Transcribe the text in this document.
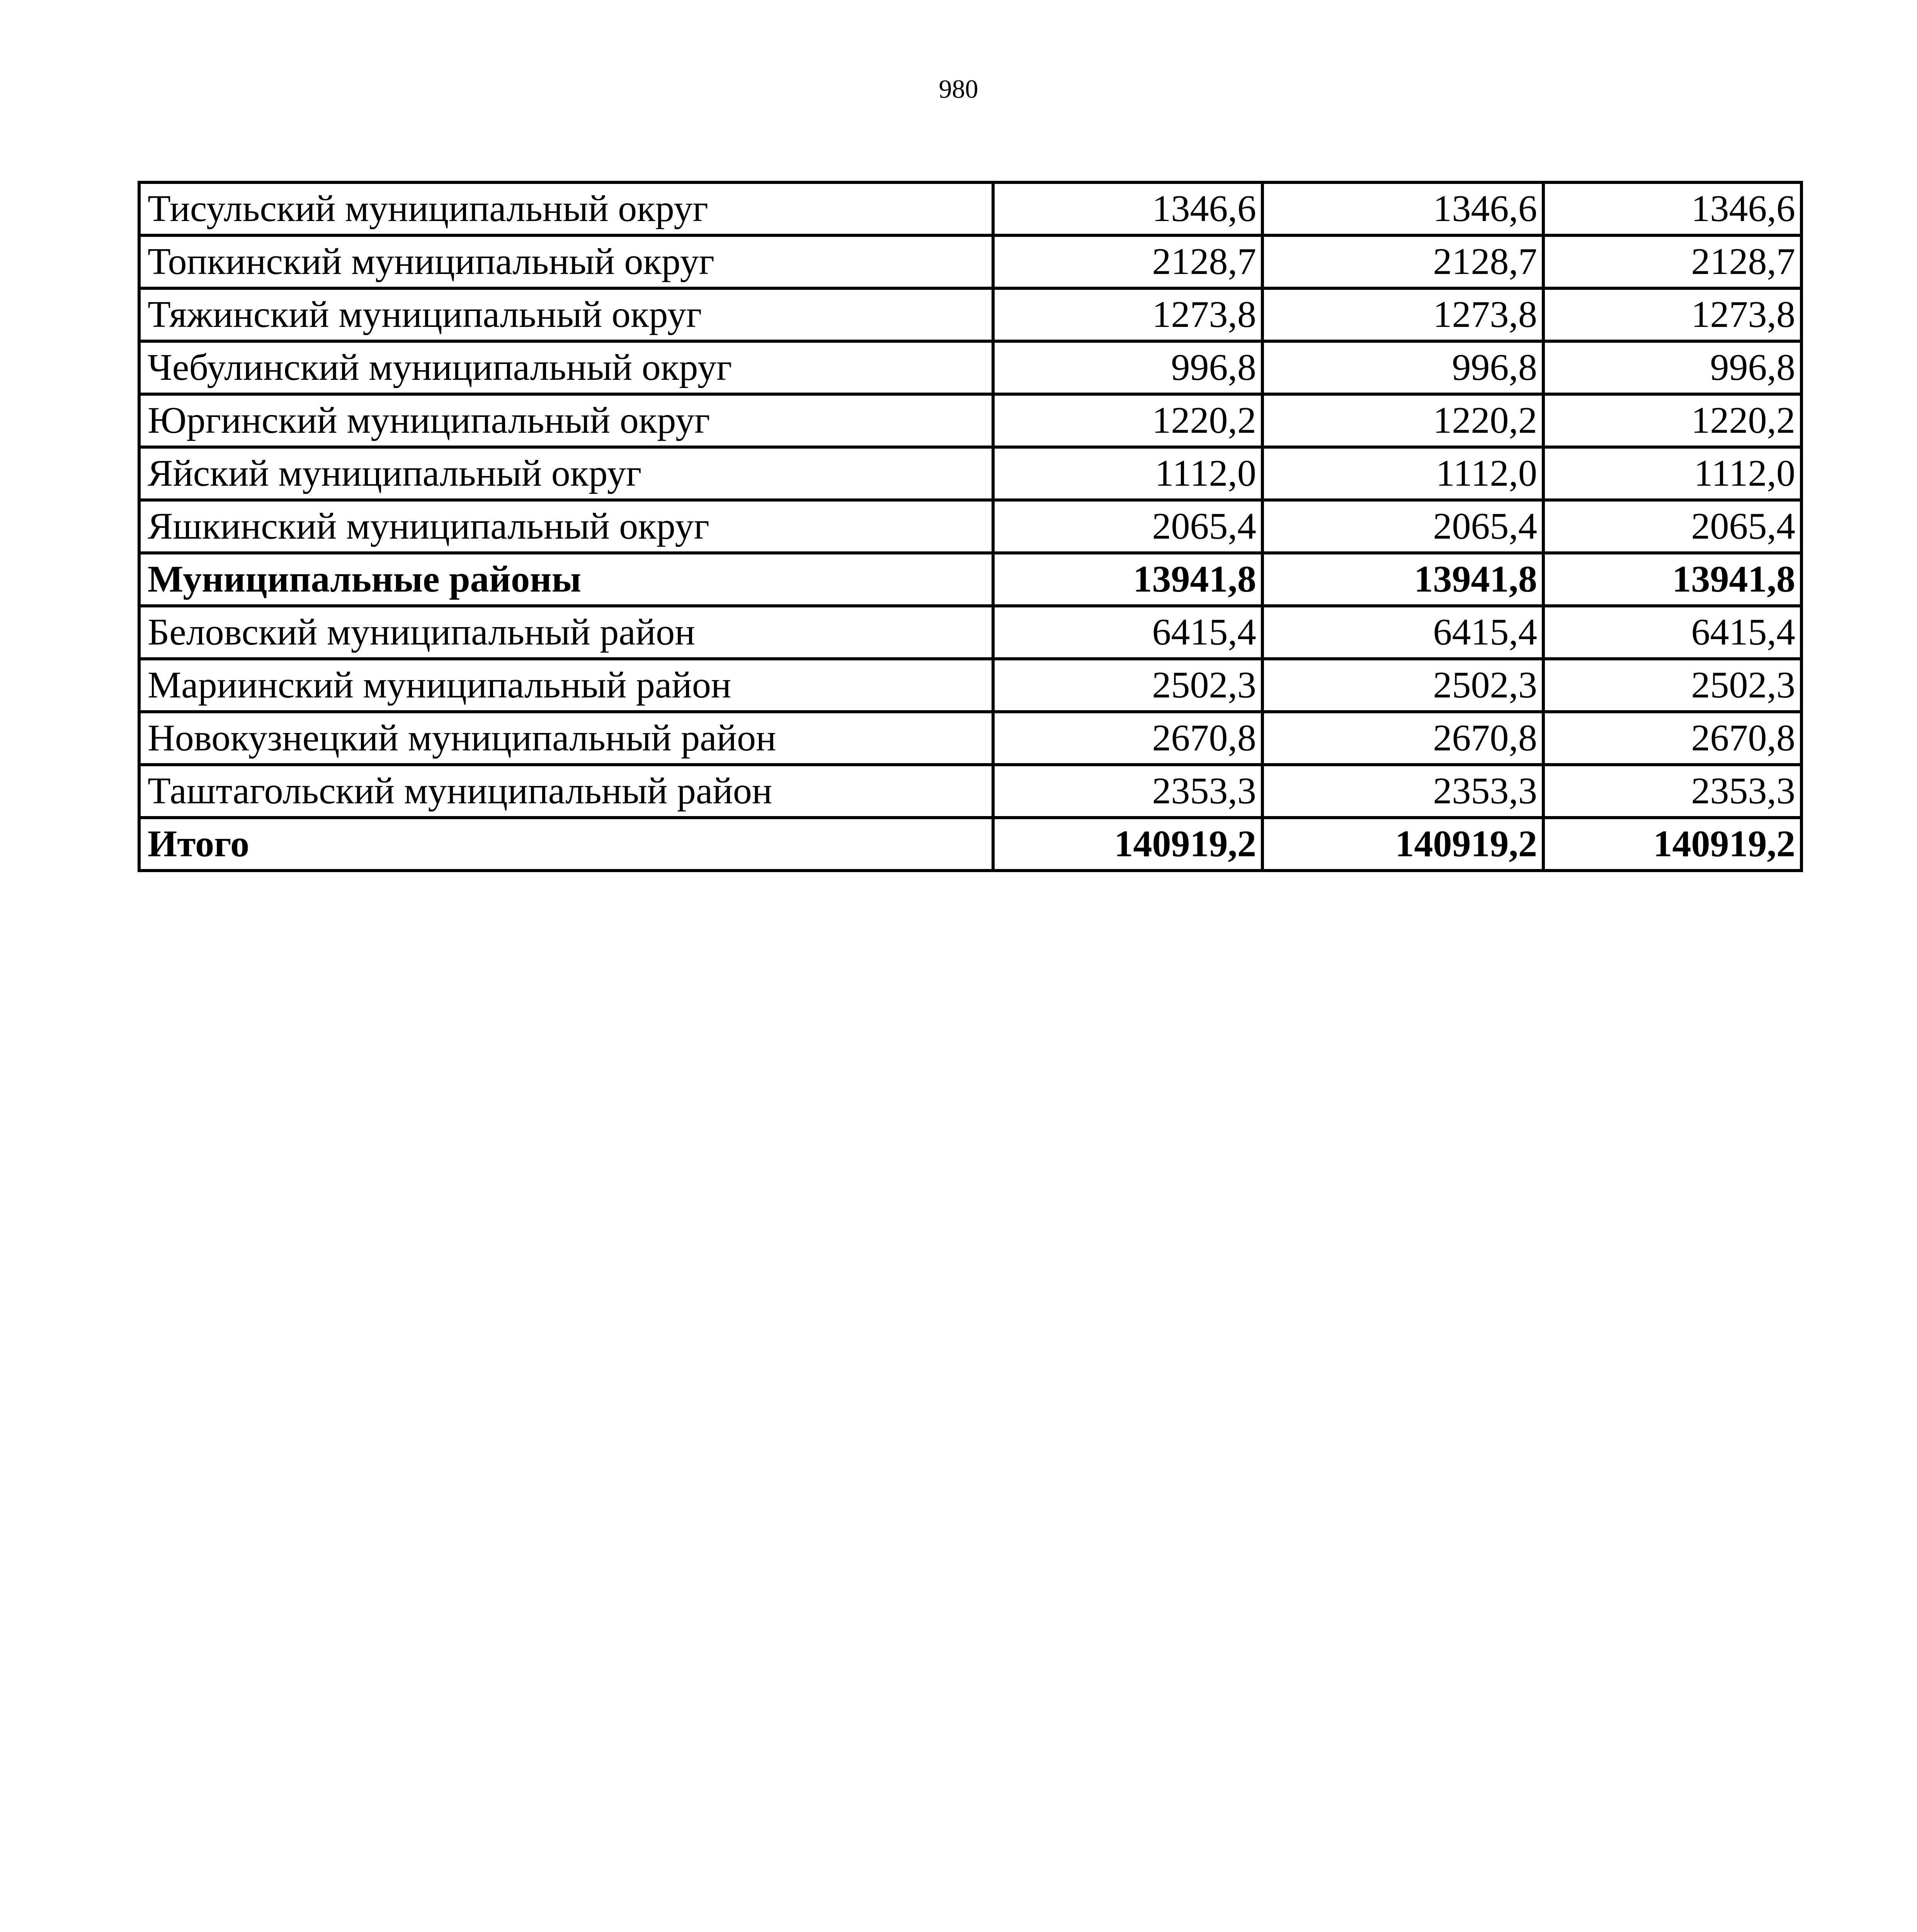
980
Тисульский муниципальный округ	1346,6	1346,6	1346,6
Топкинский муниципальный округ	2128,7	2128,7	2128,7
Тяжинский муниципальный округ	1273,8	1273,8	1273,8
Чебулинский муниципальный округ	996,8	996,8	996,8
Юргинский муниципальный округ	1220,2	1220,2	1220,2
Яйский муниципальный округ	1112,0	1112,0	1112,0
Яшкинский муниципальный округ	2065,4	2065,4	2065,4
Муниципальные районы	13941,8	13941,8	13941,8
Беловский муниципальный район	6415,4	6415,4	6415,4
Мариинский муниципальный район	2502,3	2502,3	2502,3
Новокузнецкий муниципальный район	2670,8	2670,8	2670,8
Таштагольский муниципальный район	2353,3	2353,3	2353,3
Итого	140919,2	140919,2	140919,2
